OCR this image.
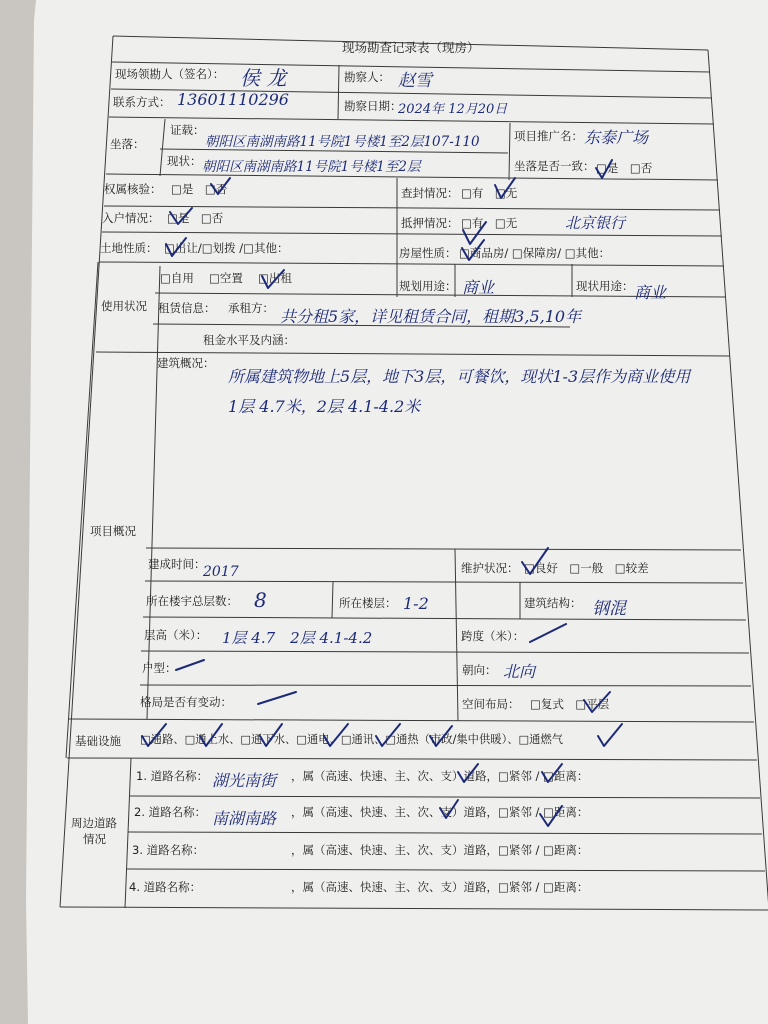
现场勘查记录表（现房）
现场领勘人（签名）： 侯 龙	勘察人： 赵雪
联系方式： 13601110296	勘察日期：
2024年 12月20日
坐落：
证载：
朝阳区南湖南路11号院1号楼1至2层107-110
现状： 朝阳区南湖南路11号院1号楼1至2层
项目推广名： 东泰广场
坐落是否一致： □是　□否
权属核验： □是　□否	查封情况： □有　□无
入户情况： □是　□否	抵押情况： □有　□无	北京银行
土地性质： □出让/□划拨 /□其他：	房屋性质： □商品房/ □保障房/ □其他：
使用状况
□自用　 □空置　 □出租
规划用途： 商业	现状用途： 商业
租赁信息： 承租方： 共分租5家，详见租赁合同，租期3,5,10年
租金水平及内涵：
项目概况
建筑概况：
所属建筑物地上5层，地下3层，可餐饮，现状1-3层作为商业使用
1层 4.7米，2层 4.1-4.2米
建成时间：
2017	维护状况： □良好　□一般　□较差
所在楼宇总层数： 8	所在楼层： 1-2	建筑结构： 钢混
层高（米）： 1层 4.7　2层 4.1-4.2	跨度（米）：
户型：	朝向： 北向
格局是否有变动：	空间布局： □复式　□平层
基础设施 □通路、□通上水、□通下水、□通电、□通讯、□通热（市政/集中供暖）、□通燃气
周边道路
情况
1. 道路名称： 湖光南街 ，属（高速、快速、主、次、支）道路，□紧邻 / □距离：
2. 道路名称： 南湖南路 ，属（高速、快速、主、次、支）道路，□紧邻 / □距离：
3. 道路名称：	，属（高速、快速、主、次、支）道路，□紧邻 / □距离：
4. 道路名称：	，属（高速、快速、主、次、支）道路，□紧邻 / □距离：
